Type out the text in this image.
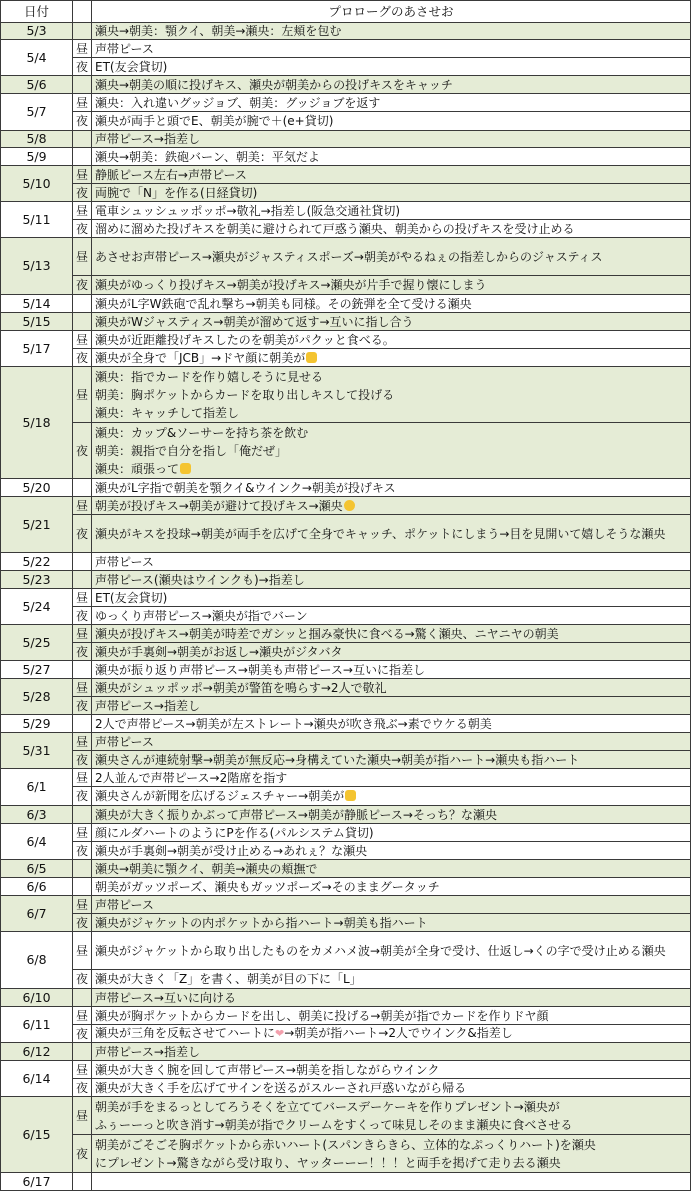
日付		プロローグのあさせお
5/3		瀬央→朝美：顎クイ、朝美→瀬央：左頬を包む
5/4	昼	声帯ピース
	夜	ET(友会貸切)
5/6		瀬央→朝美の順に投げキス、瀬央が朝美からの投げキスをキャッチ
5/7	昼	瀬央：入れ違いグッジョブ、朝美：グッジョブを返す
	夜	瀬央が両手と頭でE、朝美が腕で＋(e+貸切)
5/8		声帯ピース→指差し
5/9		瀬央→朝美：鉄砲バーン、朝美：平気だよ
5/10	昼	静脈ピース左右→声帯ピース
	夜	両腕で「N」を作る(日経貸切)
5/11	昼	電車シュッシュッポッポ→敬礼→指差し(阪急交通社貸切)
	夜	溜めに溜めた投げキスを朝美に避けられて戸惑う瀬央、朝美からの投げキスを受け止める
5/13	昼	あさせお声帯ピース→瀬央がジャスティスポーズ→朝美がやるねぇの指差しからのジャスティス
	夜	瀬央がゆっくり投げキス→朝美が投げキス→瀬央が片手で握り懐にしまう
5/14		瀬央がL字W鉄砲で乱れ撃ち→朝美も同様。その銃弾を全て受ける瀬央
5/15		瀬央がWジャスティス→朝美が溜めて返す→互いに指し合う
5/17	昼	瀬央が近距離投げキスしたのを朝美がパクッと食べる。
	夜	瀬央が全身で「JCB」→ドヤ顔に朝美が
5/18	昼	瀬央：指でカードを作り嬉しそうに見せる
朝美：胸ポケットからカードを取り出しキスして投げる
瀬央：キャッチして指差し

	夜	瀬央：カップ&ソーサーを持ち茶を飲む
朝美：親指で自分を指し「俺だぜ」
瀬央：頑張って

5/20		瀬央がL字指で朝美を顎クイ&ウインク→朝美が投げキス
5/21	昼	朝美が投げキス→朝美が避けて投げキス→瀬央
	夜	瀬央がキスを投球→朝美が両手を広げて全身でキャッチ、ポケットにしまう→目を見開いて嬉しそうな瀬央
5/22		声帯ピース
5/23		声帯ピース(瀬央はウインクも)→指差し
5/24	昼	ET(友会貸切)
	夜	ゆっくり声帯ピース→瀬央が指でバーン
5/25	昼	瀬央が投げキス→朝美が時差でガシッと掴み豪快に食べる→驚く瀬央、ニヤニヤの朝美
	夜	瀬央が手裏剣→朝美がお返し→瀬央がジタバタ
5/27		瀬央が振り返り声帯ピース→朝美も声帯ピース→互いに指差し
5/28	昼	瀬央がシュッポッポ→朝美が警笛を鳴らす→2人で敬礼
	夜	声帯ピース→指差し
5/29		2人で声帯ピース→朝美が左ストレート→瀬央が吹き飛ぶ→素でウケる朝美
5/31	昼	声帯ピース
	夜	瀬央さんが連続射撃→朝美が無反応→身構えていた瀬央→朝美が指ハート→瀬央も指ハート
6/1	昼	2人並んで声帯ピース→2階席を指す
	夜	瀬央さんが新聞を広げるジェスチャー→朝美が
6/3		瀬央が大きく振りかぶって声帯ピース→朝美が静脈ピース→そっち？な瀬央
6/4	昼	顔にルダハートのようにPを作る(パルシステム貸切)
	夜	瀬央が手裏剣→朝美が受け止める→あれぇ？な瀬央
6/5		瀬央→朝美に顎クイ、朝美→瀬央の頬撫で
6/6		朝美がガッツポーズ、瀬央もガッツポーズ→そのままグータッチ
6/7	昼	声帯ピース
	夜	瀬央がジャケットの内ポケットから指ハート→朝美も指ハート
6/8	昼	瀬央がジャケットから取り出したものをカメハメ波→朝美が全身で受け、仕返し→くの字で受け止める瀬央
	夜	瀬央が大きく「Z」を書く、朝美が目の下に「L」
6/10		声帯ピース→互いに向ける
6/11	昼	瀬央が胸ポケットからカードを出し、朝美に投げる→朝美が指でカードを作りドヤ顔
	夜	瀬央が三角を反転させてハートに❤→朝美が指ハート→2人でウインク&指差し
6/12		声帯ピース→指差し
6/14	昼	瀬央が大きく腕を回して声帯ピース→朝美を指しながらウインク
	夜	瀬央が大きく手を広げてサインを送るがスルーされ戸惑いながら帰る
6/15	昼	朝美が手をまるっとしてろうそくを立ててバースデーケーキを作りプレゼント→瀬央が
ふぅーーっと吹き消す→朝美が指でクリームをすくって味見しそのまま瀬央に食べさせる

	夜	朝美がごそごそ胸ポケットから赤いハート(スパンきらきら、立体的なぷっくりハート)を瀬央
にプレゼント→驚きながら受け取り、ヤッターーー！！！と両手を掲げて走り去る瀬央

6/17		
